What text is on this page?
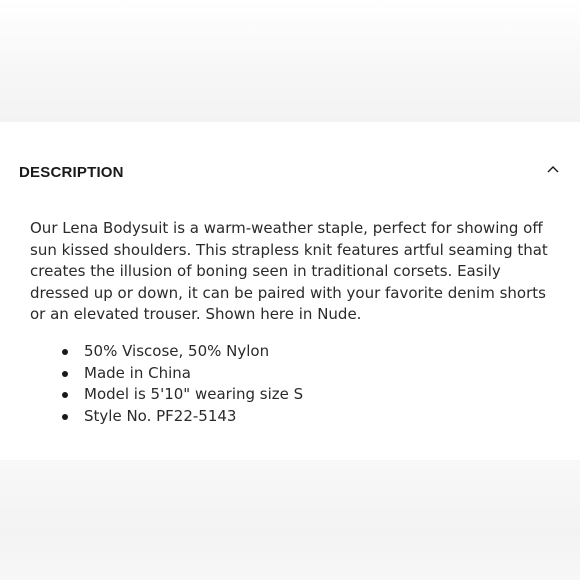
DESCRIPTION

Our Lena Bodysuit is a warm-weather staple, perfect for showing off sun kissed shoulders. This strapless knit features artful seaming that creates the illusion of boning seen in traditional corsets. Easily dressed up or down, it can be paired with your favorite denim shorts or an elevated trouser. Shown here in Nude.

50% Viscose, 50% Nylon
Made in China
Model is 5'10" wearing size S
Style No. PF22-5143
